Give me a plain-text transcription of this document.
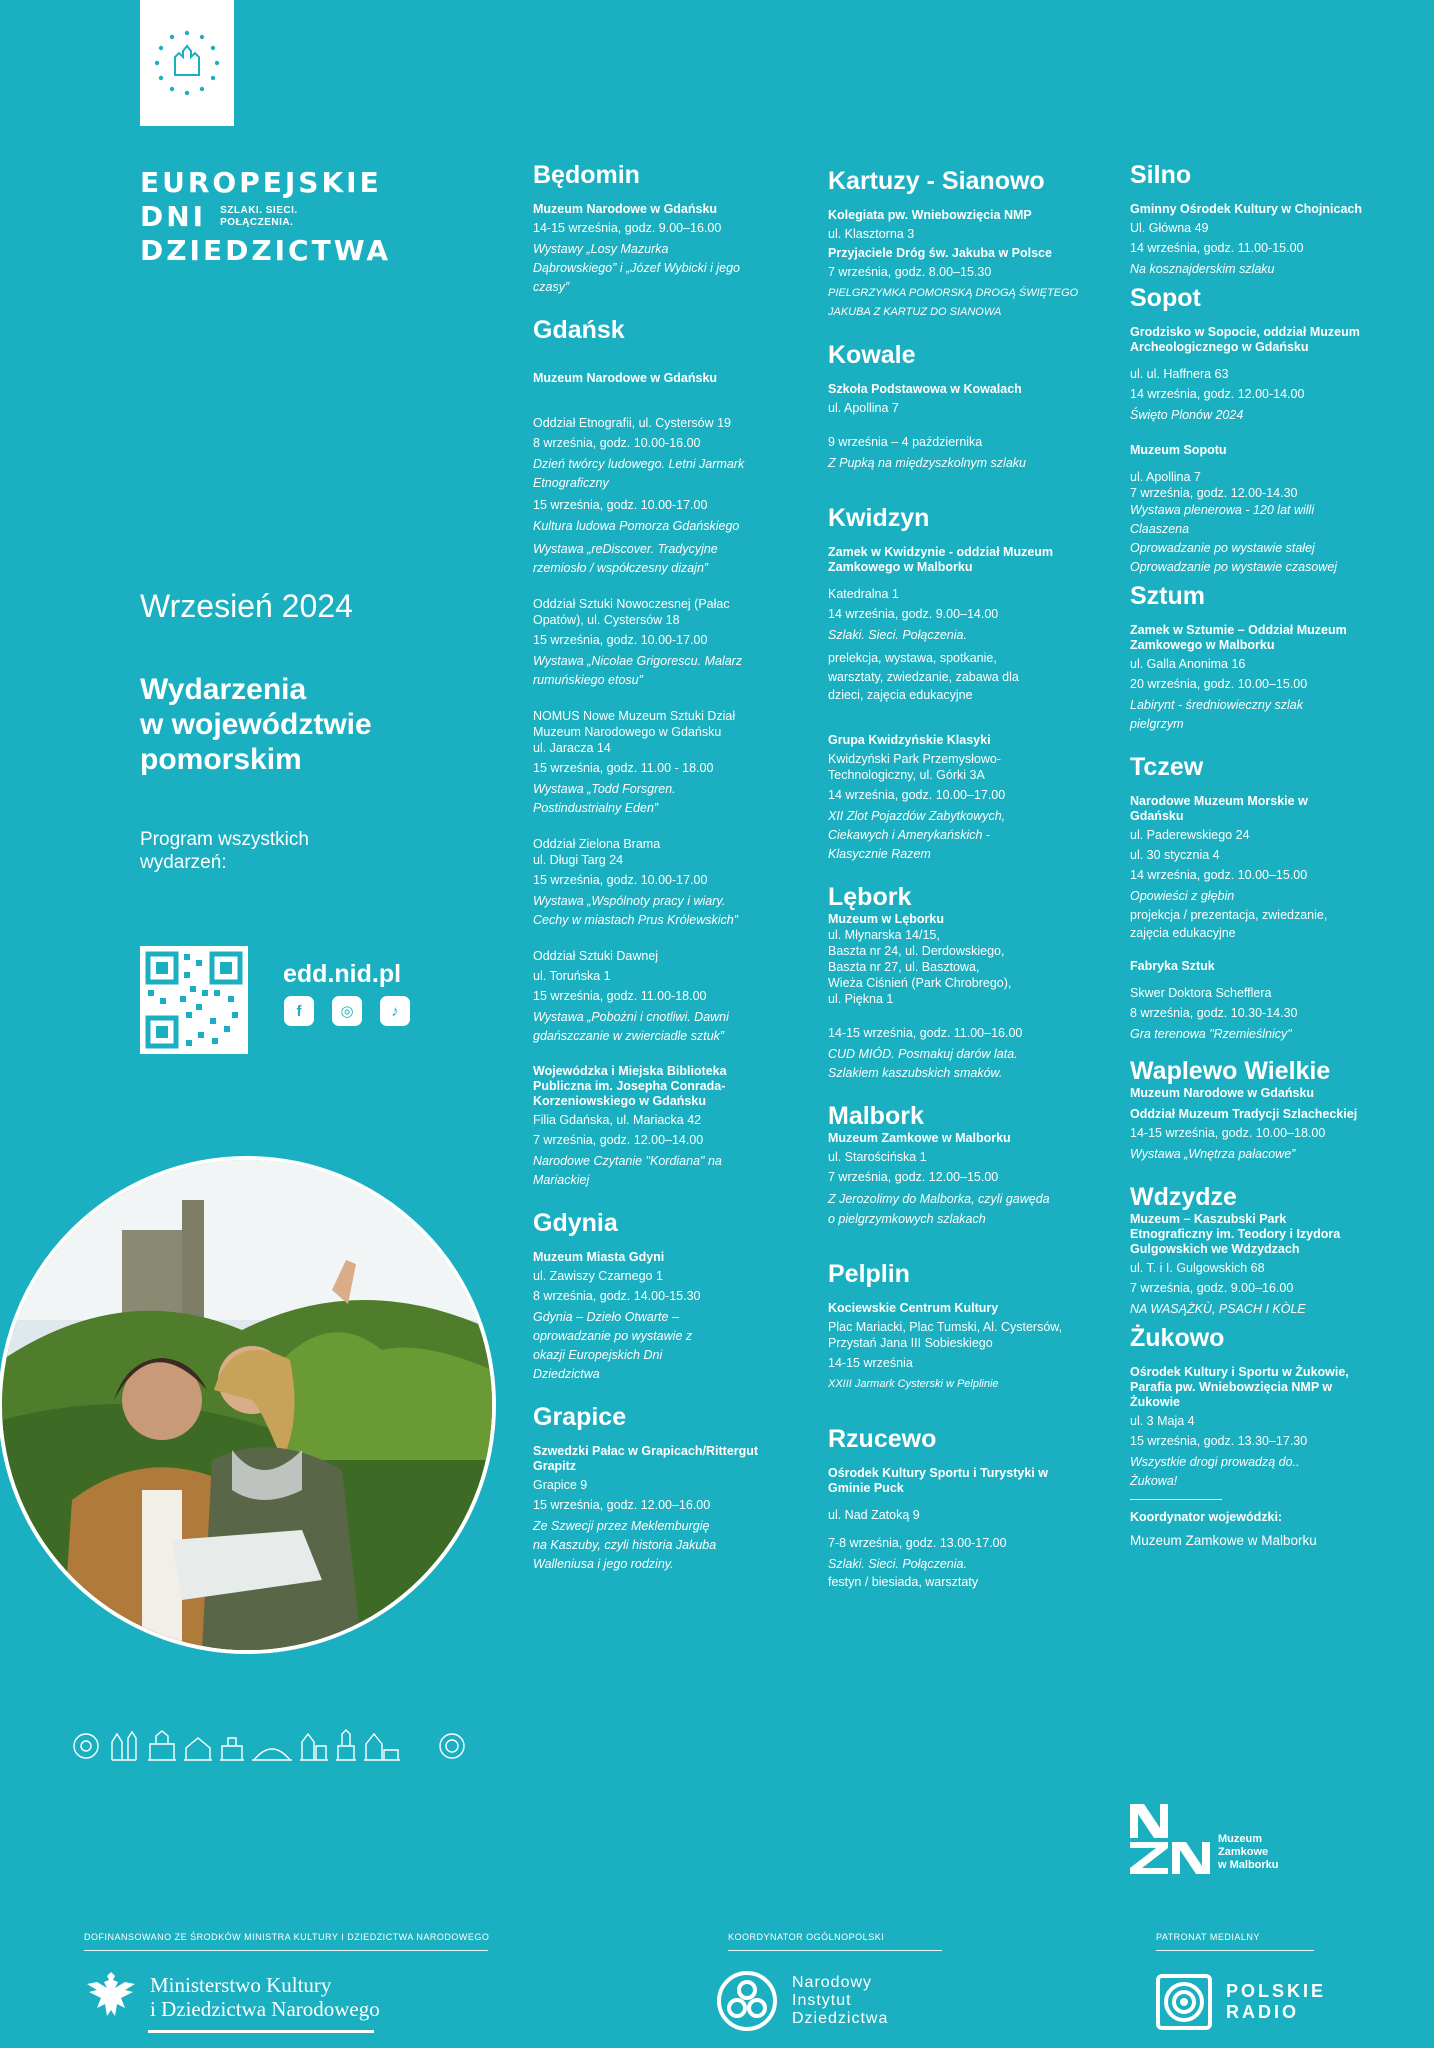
EUROPEJSKIE
DNI SZLAKI. SIECI.
POŁĄCZENIA.
DZIEDZICTWA
Wrzesień 2024
Wydarzenia
w województwie
pomorskim
Program wszystkich
wydarzeń:
edd.nid.pl
f	◎	♪
Będomin
Muzeum Narodowe w Gdańsku
14-15 września, godz. 9.00–16.00
Wystawy „Losy Mazurka
Dąbrowskiego” i „Józef Wybicki i jego
czasy”
Gdańsk
Muzeum Narodowe w Gdańsku
Oddział Etnografii, ul. Cystersów 19
8 września, godz. 10.00-16.00
Dzień twórcy ludowego. Letni Jarmark
Etnograficzny
15 września, godz. 10.00-17.00
Kultura ludowa Pomorza Gdańskiego
Wystawa „reDiscover. Tradycyjne
rzemiosło / współczesny dizajn”
Oddział Sztuki Nowoczesnej (Pałac
Opatów), ul. Cystersów 18
15 września, godz. 10.00-17.00
Wystawa „Nicolae Grigorescu. Malarz
rumuńskiego etosu”
NOMUS Nowe Muzeum Sztuki Dział
Muzeum Narodowego w Gdańsku
ul. Jaracza 14
15 września, godz. 11.00 - 18.00
Wystawa „Todd Forsgren.
Postindustrialny Eden”
Oddział Zielona Brama
ul. Długi Targ 24
15 września, godz. 10.00-17.00
Wystawa „Wspólnoty pracy i wiary.
Cechy w miastach Prus Królewskich”
Oddział Sztuki Dawnej
ul. Toruńska 1
15 września, godz. 11.00-18.00
Wystawa „Pobożni i cnotliwi. Dawni
gdańszczanie w zwierciadle sztuk”
Wojewódzka i Miejska Biblioteka
Publiczna im. Josepha Conrada-
Korzeniowskiego w Gdańsku
Filia Gdańska, ul. Mariacka 42
7 września, godz. 12.00–14.00
Narodowe Czytanie "Kordiana" na
Mariackiej
Gdynia
Muzeum Miasta Gdyni
ul. Zawiszy Czarnego 1
8 września, godz. 14.00-15.30
Gdynia – Dzieło Otwarte –
oprowadzanie po wystawie z
okazji Europejskich Dni
Dziedzictwa
Grapice
Szwedzki Pałac w Grapicach/Rittergut
Grapitz
Grapice 9
15 września, godz. 12.00–16.00
Ze Szwecji przez Meklemburgię
na Kaszuby, czyli historia Jakuba
Walleniusa i jego rodziny.
Kartuzy - Sianowo
Kolegiata pw. Wniebowzięcia NMP
ul. Klasztorna 3
Przyjaciele Dróg św. Jakuba w Polsce
7 września, godz. 8.00–15.30
PIELGRZYMKA POMORSKĄ DROGĄ ŚWIĘTEGO
JAKUBA Z KARTUZ DO SIANOWA
Kowale
Szkoła Podstawowa w Kowalach
ul. Apollina 7
9 września – 4 października
Z Pupką na międzyszkolnym szlaku
Kwidzyn
Zamek w Kwidzynie - oddział Muzeum
Zamkowego w Malborku
Katedralna 1
14 września, godz. 9.00–14.00
Szlaki. Sieci. Połączenia.
prelekcja, wystawa, spotkanie,
warsztaty, zwiedzanie, zabawa dla
dzieci, zajęcia edukacyjne
Grupa Kwidzyńskie Klasyki
Kwidzyński Park Przemysłowo-
Technologiczny, ul. Górki 3A
14 września, godz. 10.00–17.00
XII Zlot Pojazdów Zabytkowych,
Ciekawych i Amerykańskich -
Klasycznie Razem
Lębork
Muzeum w Lęborku
ul. Młynarska 14/15,
Baszta nr 24, ul. Derdowskiego,
Baszta nr 27, ul. Basztowa,
Wieża Ciśnień (Park Chrobrego),
ul. Piękna 1
14-15 września, godz. 11.00–16.00
CUD MIÓD. Posmakuj darów lata.
Szlakiem kaszubskich smaków.
Malbork
Muzeum Zamkowe w Malborku
ul. Starościńska 1
7 września, godz. 12.00–15.00
Z Jerozolimy do Malborka, czyli gawęda
o pielgrzymkowych szlakach
Pelplin
Kociewskie Centrum Kultury
Plac Mariacki, Plac Tumski, Al. Cystersów,
Przystań Jana III Sobieskiego
14-15 września
XXIII Jarmark Cysterski w Pelplinie
Rzucewo
Ośrodek Kultury Sportu i Turystyki w
Gminie Puck
ul. Nad Zatoką 9
7-8 września, godz. 13.00-17.00
Szlaki. Sieci. Połączenia.
festyn / biesiada, warsztaty
Silno
Gminny Ośrodek Kultury w Chojnicach
Ul. Główna 49
14 września, godz. 11.00-15.00
Na kosznajderskim szlaku
Sopot
Grodzisko w Sopocie, oddział Muzeum
Archeologicznego w Gdańsku
ul. ul. Haffnera 63
14 września, godz. 12.00-14.00
Święto Plonów 2024
Muzeum Sopotu
ul. Apollina 7
7 września, godz. 12.00-14.30
Wystawa plenerowa - 120 lat willi
Claaszena
Oprowadzanie po wystawie stałej
Oprowadzanie po wystawie czasowej
Sztum
Zamek w Sztumie – Oddział Muzeum
Zamkowego w Malborku
ul. Galla Anonima 16
20 września, godz. 10.00–15.00
Labirynt - średniowieczny szlak
pielgrzym
Tczew
Narodowe Muzeum Morskie w
Gdańsku
ul. Paderewskiego 24
ul. 30 stycznia 4
14 września, godz. 10.00–15.00
Opowieści z głębin
projekcja / prezentacja, zwiedzanie,
zajęcia edukacyjne
Fabryka Sztuk
Skwer Doktora Schefflera
8 września, godz. 10.30-14.30
Gra terenowa "Rzemieślnicy"
Waplewo Wielkie
Muzeum Narodowe w Gdańsku
Oddział Muzeum Tradycji Szlacheckiej
14-15 września, godz. 10.00–18.00
Wystawa „Wnętrza pałacowe”
Wdzydze
Muzeum – Kaszubski Park
Etnograficzny im. Teodory i Izydora
Gulgowskich we Wdzydzach
ul. T. i I. Gulgowskich 68
7 września, godz. 9.00–16.00
NA WASĄŻKÙ, PSACH I KÒLE
Żukowo
Ośrodek Kultury i Sportu w Żukowie,
Parafia pw. Wniebowzięcia NMP w
Żukowie
ul. 3 Maja 4
15 września, godz. 13.30–17.30
Wszystkie drogi prowadzą do..
Żukowa!
Koordynator wojewódzki:
Muzeum Zamkowe w Malborku
Muzeum
Zamkowe
w Malborku
DOFINANSOWANO ZE ŚRODKÓW MINISTRA KULTURY I DZIEDZICTWA NARODOWEGO	KOORDYNATOR OGÓLNOPOLSKI	PATRONAT MEDIALNY
Ministerstwo Kultury
i Dziedzictwa Narodowego
Narodowy
Instytut
Dziedzictwa
POLSKIE
RADIO
